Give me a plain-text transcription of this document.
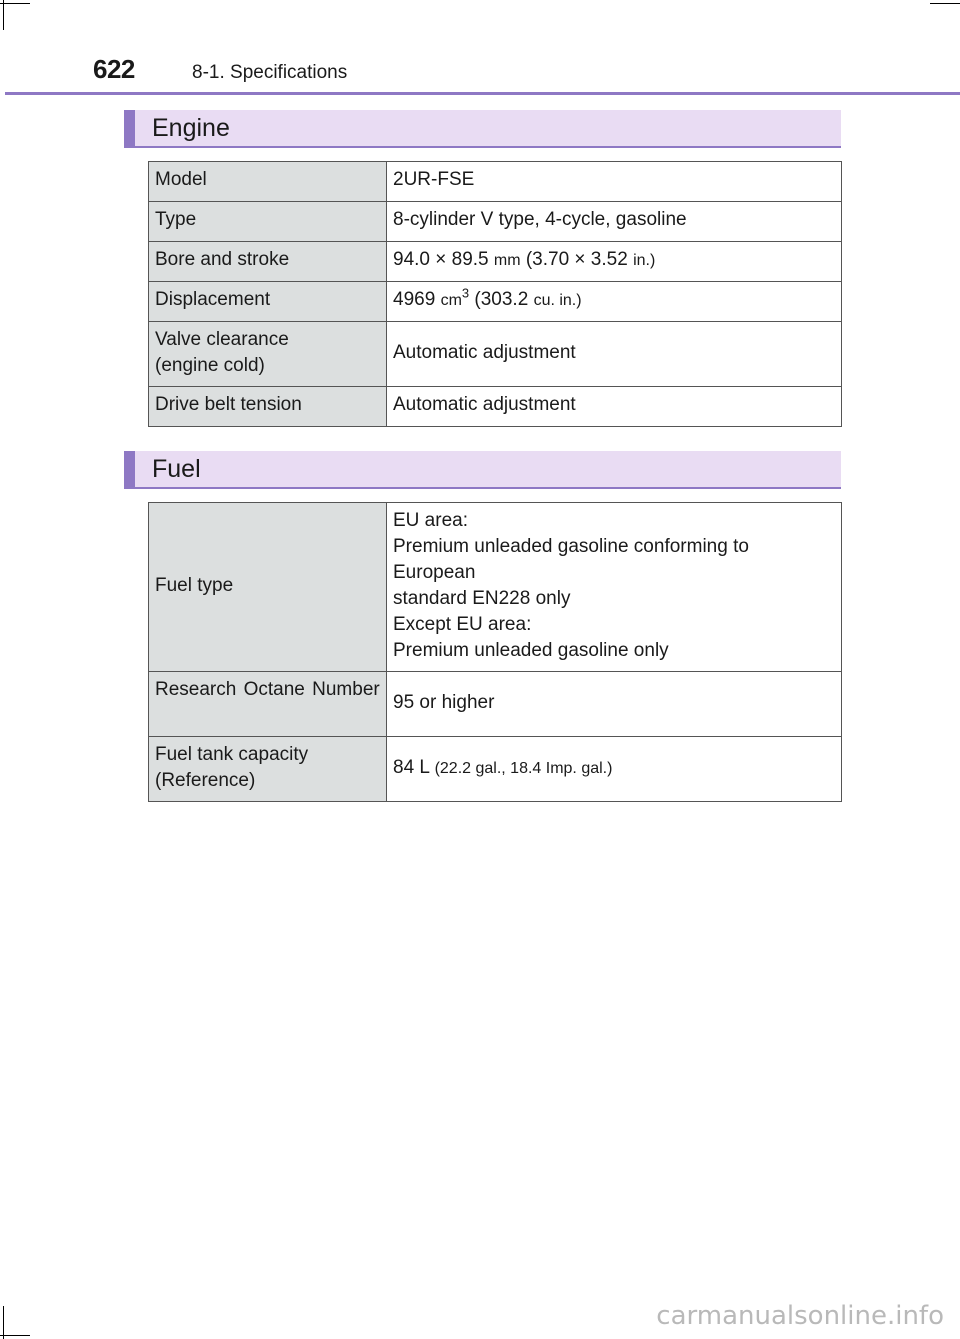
622	8-1. Specifications
Engine
Model	2UR-FSE
Type	8-cylinder V type, 4-cycle, gasoline
Bore and stroke	94.0 × 89.5 mm (3.70 × 3.52 in.)
Displacement	4969 $cm^3$ (303.2 cu. in.)

Valve clearance
(engine cold)	Automatic adjustment
Drive belt tension	Automatic adjustment
Fuel
Fuel type	EU area:
Premium unleaded gasoline conforming to European
standard EN228 only
Except EU area:
Premium unleaded gasoline only

Research Octane Number	95 or higher

Fuel tank capacity
(Reference)	84 L (22.2 gal., 18.4 Imp. gal.)
carmanualsonline.info
